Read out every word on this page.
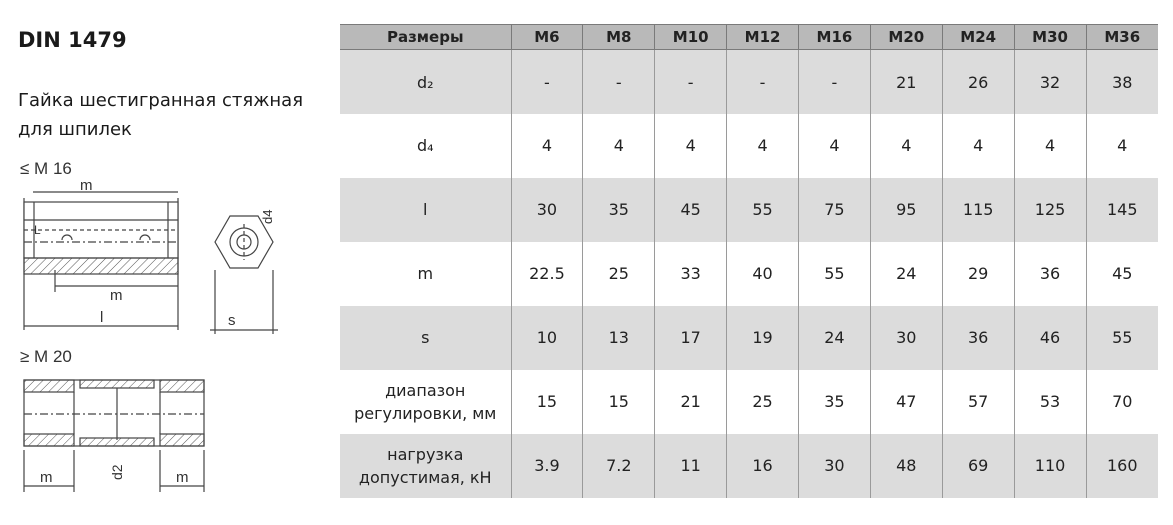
DIN 1479
Гайка шестигранная стяжная для шпилек
≤ M 16
m
L
m
l
d4
s
≥ M 20
d2
m	m
Размеры	M6	M8	M10	M12	M16	M20	M24	M30	M36
d₂	-	-	-	-	-	21	26	32	38
d₄	4	4	4	4	4	4	4	4	4
l	30	35	45	55	75	95	115	125	145
m	22.5	25	33	40	55	24	29	36	45
s	10	13	17	19	24	30	36	46	55
диапазон
регулировки, мм	15	15	21	25	35	47	57	53	70
нагрузка
допустимая, кН	3.9	7.2	11	16	30	48	69	110	160
